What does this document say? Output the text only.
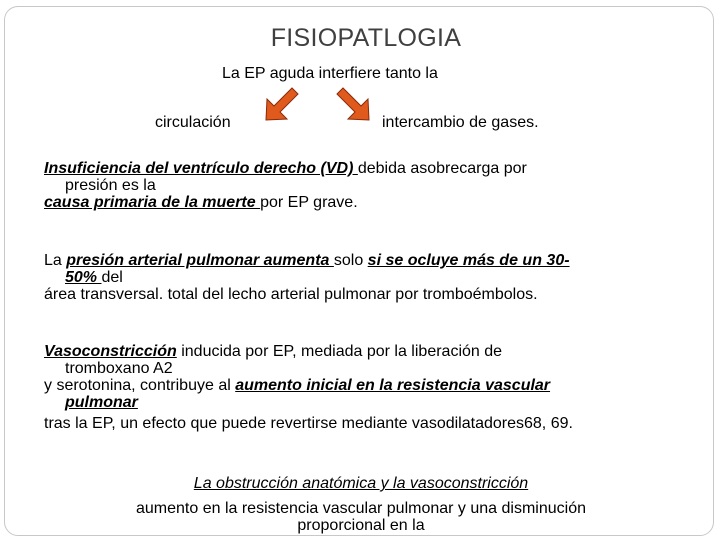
FISIOPATLOGIA
La EP aguda interfiere tanto la
circulación	intercambio de gases.
Insuficiencia del ventrículo derecho (VD) debida asobrecarga por
presión es la
causa primaria de la muerte por EP grave.
La presión arterial pulmonar aumenta solo si se ocluye más de un 30-
50% del
área transversal. total del lecho arterial pulmonar por tromboémbolos.
Vasoconstricción inducida por EP, mediada por la liberación de
tromboxano A2
y serotonina, contribuye al aumento inicial en la resistencia vascular
pulmonar
tras la EP, un efecto que puede revertirse mediante vasodilatadores68, 69.
La obstrucción anatómica y la vasoconstricción
aumento en la resistencia vascular pulmonar y una disminución
proporcional en la
